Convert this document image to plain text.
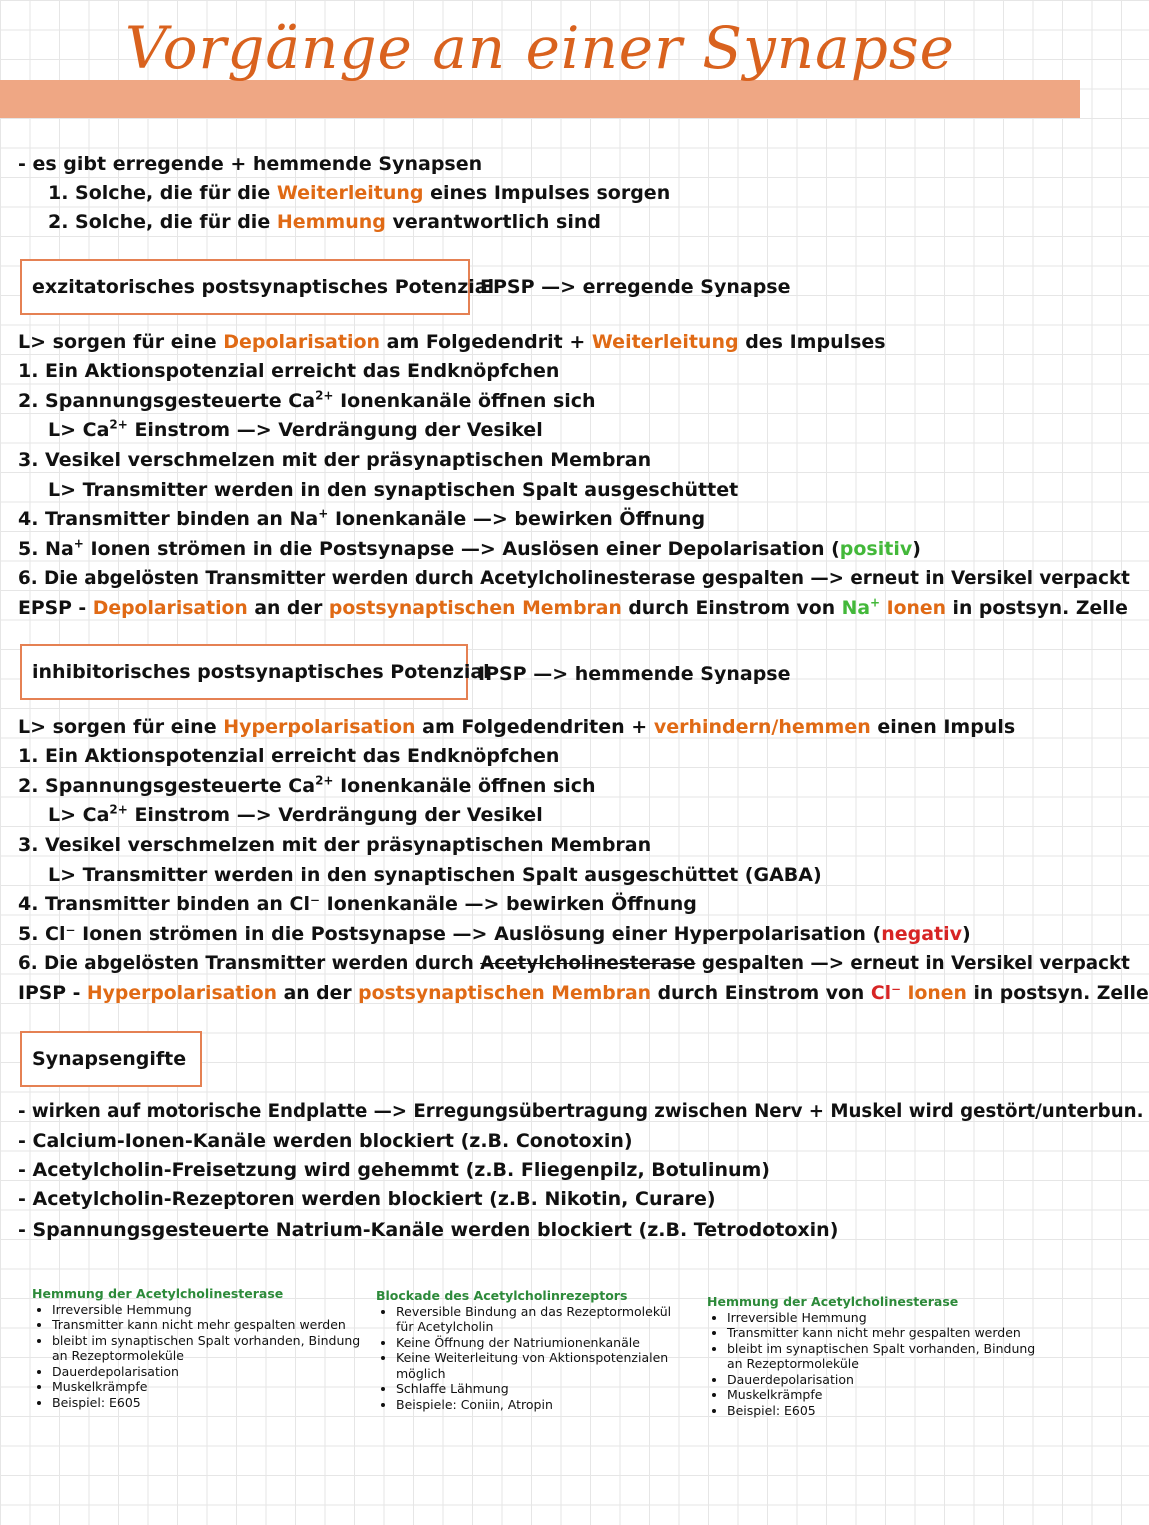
Vorgänge an einer Synapse
- es gibt erregende + hemmende Synapsen
1. Solche, die für die Weiterleitung eines Impulses sorgen
2. Solche, die für die Hemmung verantwortlich sind
exzitatorisches postsynaptisches Potenzial
EPSP —> erregende Synapse
L> sorgen für eine Depolarisation am Folgedendrit + Weiterleitung des Impulses
1. Ein Aktionspotenzial erreicht das Endknöpfchen
2. Spannungsgesteuerte $Ca^{2+}$ Ionenkanäle öffnen sich
$L> Ca^{2+}$ Einstrom —> Verdrängung der Vesikel
3. Vesikel verschmelzen mit der präsynaptischen Membran
L> Transmitter werden in den synaptischen Spalt ausgeschüttet
4. Transmitter binden an Na+ Ionenkanäle —> bewirken Öffnung
5. Na+ Ionen strömen in die Postsynapse —> Auslösen einer Depolarisation (positiv)
6. Die abgelösten Transmitter werden durch Acetylcholinesterase gespalten —> erneut in Versikel verpackt
EPSP - Depolarisation an der postsynaptischen Membran durch Einstrom von Na+ Ionen in postsyn. Zelle
inhibitorisches postsynaptisches Potenzial
IPSP —> hemmende Synapse
L> sorgen für eine Hyperpolarisation am Folgedendriten + verhindern/hemmen einen Impuls
1. Ein Aktionspotenzial erreicht das Endknöpfchen
2. Spannungsgesteuerte $Ca^{2+}$ Ionenkanäle öffnen sich
$L> Ca^{2+}$ Einstrom —> Verdrängung der Vesikel
3. Vesikel verschmelzen mit der präsynaptischen Membran
L> Transmitter werden in den synaptischen Spalt ausgeschüttet (GABA)
4. Transmitter binden an Cl⁻ Ionenkanäle —> bewirken Öffnung
5. Cl⁻ Ionen strömen in die Postsynapse —> Auslösung einer Hyperpolarisation (negativ)
6. Die abgelösten Transmitter werden durch Acetylcholinesterase gespalten —> erneut in Versikel verpackt
IPSP - Hyperpolarisation an der postsynaptischen Membran durch Einstrom von Cl⁻ Ionen in postsyn. Zelle
Synapsengifte
- wirken auf motorische Endplatte —> Erregungsübertragung zwischen Nerv + Muskel wird gestört/unterbun.
- Calcium-Ionen-Kanäle werden blockiert (z.B. Conotoxin)
- Acetylcholin-Freisetzung wird gehemmt (z.B. Fliegenpilz, Botulinum)
- Acetylcholin-Rezeptoren werden blockiert (z.B. Nikotin, Curare)
- Spannungsgesteuerte Natrium-Kanäle werden blockiert (z.B. Tetrodotoxin)
Hemmung der Acetylcholinesterase
• Irreversible Hemmung
• Transmitter kann nicht mehr gespalten werden
• bleibt im synaptischen Spalt vorhanden, Bindung an Rezeptormoleküle
• Dauerdepolarisation
• Muskelkrämpfe
• Beispiel: E605
Blockade des Acetylcholinrezeptors
• Reversible Bindung an das Rezeptormolekül für Acetylcholin
• Keine Öffnung der Natriumionenkanäle
• Keine Weiterleitung von Aktionspotenzialen möglich
• Schlaffe Lähmung
• Beispiele: Coniin, Atropin
Hemmung der Acetylcholinesterase
• Irreversible Hemmung
• Transmitter kann nicht mehr gespalten werden
• bleibt im synaptischen Spalt vorhanden, Bindung an Rezeptormoleküle
• Dauerdepolarisation
• Muskelkrämpfe
• Beispiel: E605
